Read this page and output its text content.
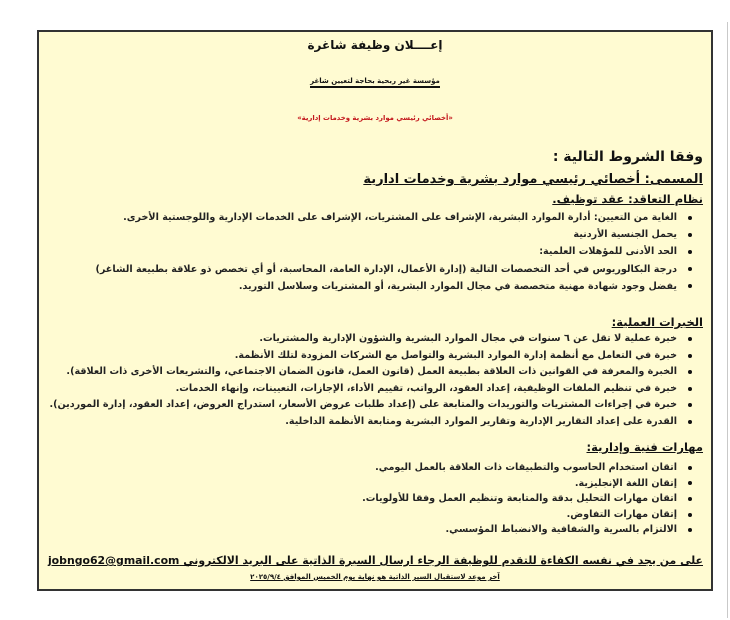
إعــــلان وظيفة شاغرة
مؤسسة غير ربحية بحاجة لتعيين شاغر
«أخصائي رئيسي موارد بشرية وخدمات إدارية»
وفقا الشروط التالية :
المسمى: أخصائي رئيسي موارد بشرية وخدمات ادارية
نظام التعاقد: عقد توظيف.
الغاية من التعيين: أدارة الموارد البشرية، الإشراف على المشتريات، الإشراف على الخدمات الإدارية واللوجستية الأخرى.
يحمل الجنسية الأردنية
الحد الأدنى للمؤهلات العلمية:
درجة البكالوريوس في أحد التخصصات التالية (إدارة الأعمال، الإدارة العامة، المحاسبة، أو أي تخصص ذو علاقة بطبيعة الشاغر)
يفضل وجود شهادة مهنية متخصصة في مجال الموارد البشرية، أو المشتريات وسلاسل التوريد.
الخبرات العملية:
خبرة عملية لا تقل عن ٦ سنوات في مجال الموارد البشرية والشؤون الإدارية والمشتريات.
خبرة في التعامل مع أنظمة إدارة الموارد البشرية والتواصل مع الشركات المزودة لتلك الأنظمة.
الخبرة والمعرفة في القوانين ذات العلاقة بطبيعة العمل (قانون العمل، قانون الضمان الاجتماعي، والتشريعات الأخرى ذات العلاقة).
خبرة في تنظيم الملفات الوظيفية، إعداد العقود، الرواتب، تقييم الأداء، الإجازات، التعيينات، وإنهاء الخدمات.
خبرة في إجراءات المشتريات والتوريدات والمتابعة على (إعداد طلبات عروض الأسعار، استدراج العروض، إعداد العقود، إدارة الموردين).
القدرة على إعداد التقارير الإدارية وتقارير الموارد البشرية ومتابعة الأنظمة الداخلية.
مهارات فنية وإدارية:
اتقان استخدام الحاسوب والتطبيقات ذات العلاقة بالعمل اليومي.
إتقان اللغة الإنجليزية.
اتقان مهارات التحليل بدقة والمتابعة وتنظيم العمل وفقا للأولويات.
إتقان مهارات التفاوض.
الالتزام بالسرية والشفافية والانضباط المؤسسي.
على من يجد في نفسه الكفاءة للتقدم للوظيفة الرجاء ارسال السيرة الذاتية على البريد الالكتروني jobngo62@gmail.com
آخر موعد لاستقبال السير الذاتية هو نهاية يوم الخميس الموافق ٢٠٢٥/٩/٤
